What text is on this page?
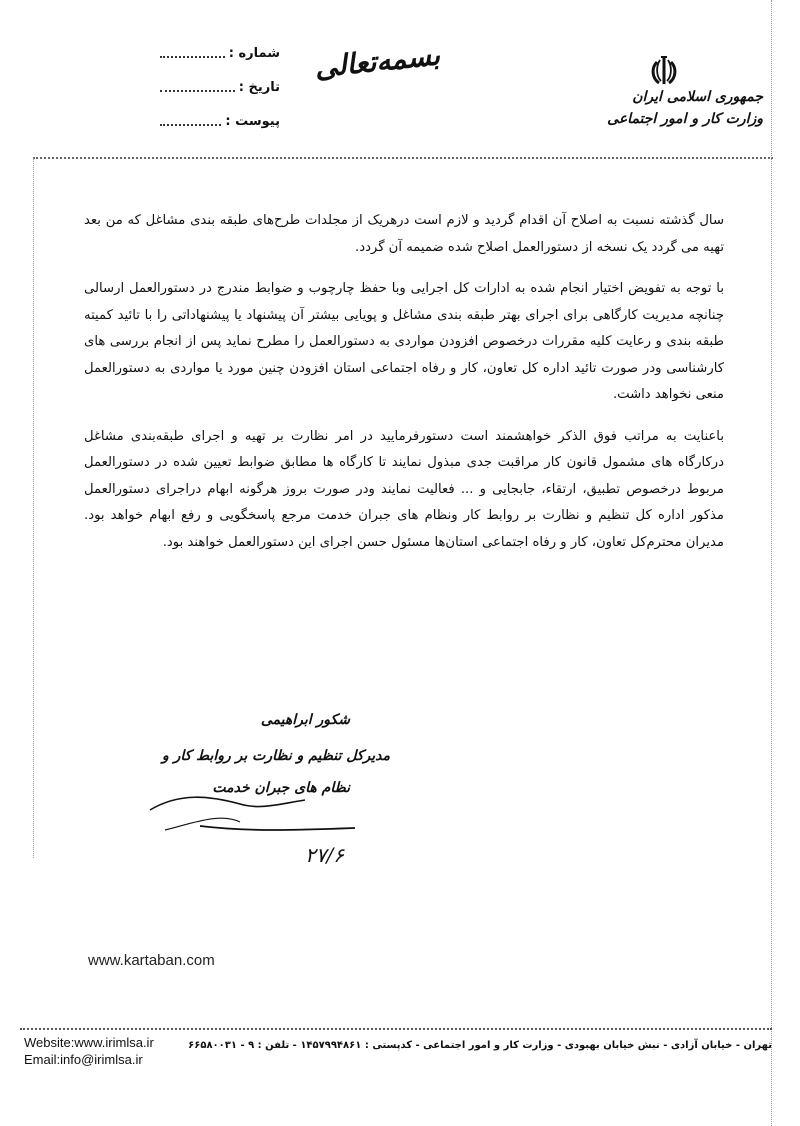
شماره :
تاریخ :
پیوست :
بسمه‌تعالی
جمهوری اسلامی ایران
وزارت کار و امور اجتماعی

سال گذشته نسبت به اصلاح آن اقدام گردید و لازم است درهریک از مجلدات طرح‌های طبقه بندی مشاغل که من بعد تهیه می گردد یک نسخه از دستورالعمل اصلاح شده ضمیمه آن گردد.

با توجه به تفویض اختیار انجام شده به ادارات کل اجرایی وبا حفظ چارچوب و ضوابط مندرج در دستورالعمل ارسالی چنانچه مدیریت کارگاهی برای اجرای بهتر طبقه بندی مشاغل و پویایی بیشتر آن پیشنهاد یا پیشنهاداتی را با تائید کمیته طبقه بندی و رعایت کلیه مقررات درخصوص افزودن مواردی به دستورالعمل را مطرح نماید پس از انجام بررسی های کارشناسی ودر صورت تائید اداره کل تعاون، کار و رفاه اجتماعی استان افزودن چنین مورد یا مواردی به دستورالعمل منعی نخواهد داشت.

باعنایت به مراتب فوق الذکر خواهشمند است دستورفرمایید در امر نظارت بر تهیه و اجرای طبقه‌بندی مشاغل درکارگاه های مشمول قانون کار مراقبت جدی مبذول نمایند تا کارگاه ها مطابق ضوابط تعیین شده در دستورالعمل مربوط درخصوص تطبیق، ارتقاء، جابجایی و ... فعالیت نمایند ودر صورت بروز هرگونه ابهام دراجرای دستورالعمل مذکور اداره کل تنظیم و نظارت بر روابط کار ونظام های جبران خدمت مرجع پاسخگویی و رفع ابهام خواهد بود. مدیران محترم‌کل تعاون، کار و رفاه اجتماعی استان‌ها مسئول حسن اجرای این دستورالعمل خواهند بود.

شکور ابراهیمی
مدیرکل تنظیم و نظارت بر روابط کار و
نظام های جبران خدمت
۲۷/۶
www.kartaban.com
Website:www.irimlsa.ir
Email:info@irimlsa.ir
تهران - خیابان آزادی - نبش خیابان بهبودی - وزارت کار و امور اجتماعی - کدپستی : ۱۴۵۷۹۹۴۸۶۱ - تلفن : ۹ - ۶۶۵۸۰۰۳۱
